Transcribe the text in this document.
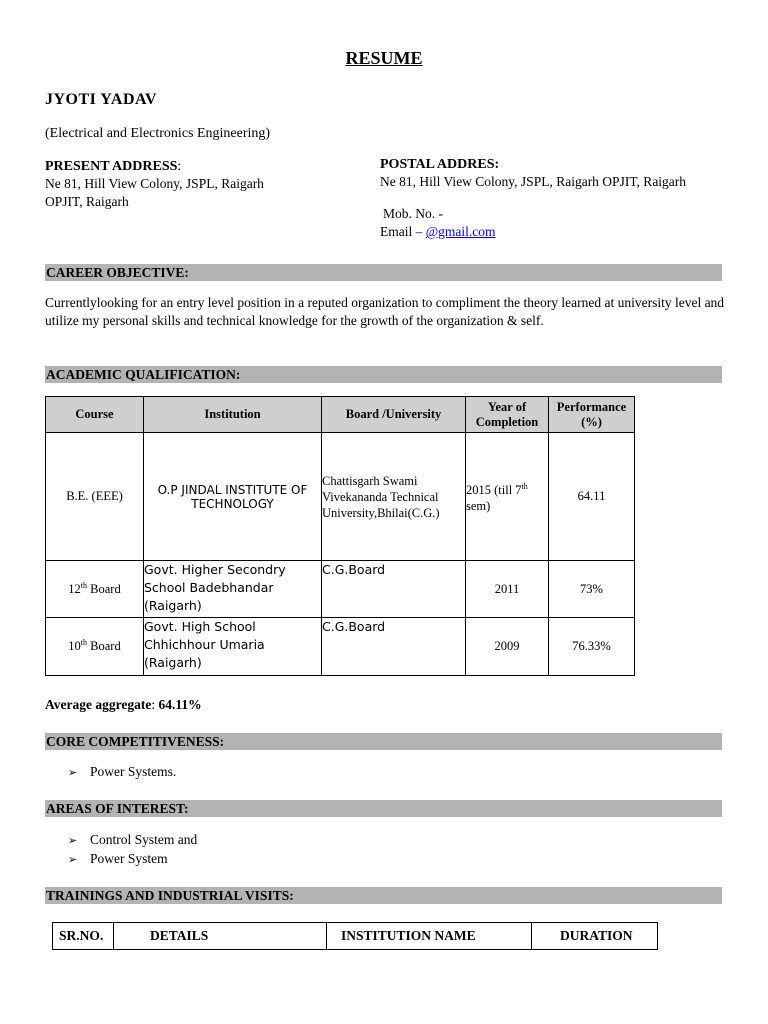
RESUME
JYOTI YADAV
(Electrical and Electronics Engineering)
PRESENT ADDRESS:
Ne 81, Hill View Colony, JSPL, Raigarh
OPJIT, Raigarh
POSTAL ADDRES:
Ne 81, Hill View Colony, JSPL, Raigarh OPJIT, Raigarh
Mob. No. -
Email – @gmail.com
CAREER OBJECTIVE:
Currentlylooking for an entry level position in a reputed organization to compliment the theory learned at university level and utilize my personal skills and technical knowledge for the growth of the organization & self.
ACADEMIC QUALIFICATION:
Course	Institution	Board /University	Year of Completion	Performance (%)
B.E. (EEE)	O.P JINDAL INSTITUTE OF TECHNOLOGY	Chattisgarh Swami Vivekananda Technical University,Bhilai(C.G.)	2015 (till 7th sem)	64.11
12th Board	Govt. Higher Secondry School Badebhandar (Raigarh)	C.G.Board	2011	73%
10th Board	Govt. High School Chhichhour Umaria (Raigarh)	C.G.Board	2009	76.33%
Average aggregate: 64.11%
CORE COMPETITIVENESS:
➢ Power Systems.
AREAS OF INTEREST:
➢ Control System and
➢ Power System
TRAININGS AND INDUSTRIAL VISITS:
SR.NO.	DETAILS	INSTITUTION NAME	DURATION
